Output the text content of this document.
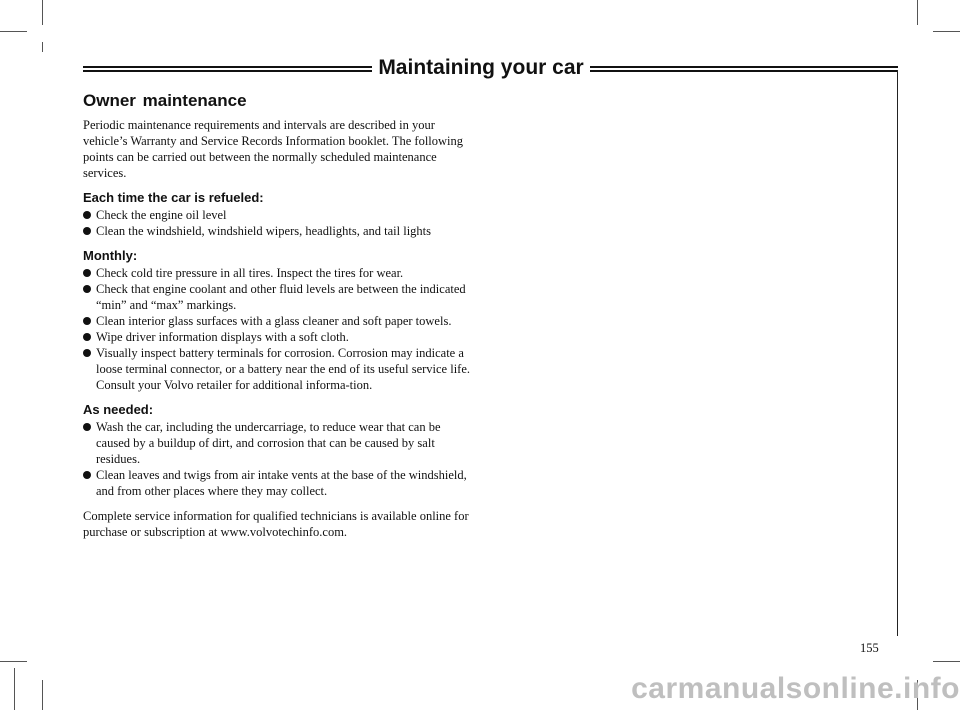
Maintaining your car
Owner maintenance

Periodic maintenance requirements and intervals are described in your vehicle’s Warranty and Service Records Information booklet. The following points can be carried out between the normally scheduled maintenance services.

Each time the car is refueled:
Check the engine oil level
Clean the windshield, windshield wipers, headlights, and tail lights
Monthly:
Check cold tire pressure in all tires. Inspect the tires for wear.
Check that engine coolant and other fluid levels are between the indicated “min” and “max” markings.
Clean interior glass surfaces with a glass cleaner and soft paper towels.
Wipe driver information displays with a soft cloth.
Visually inspect battery terminals for corrosion. Corrosion may indicate a loose terminal connector, or a battery near the end of its useful service life. Consult your Volvo retailer for additional informa-tion.
As needed:
Wash the car, including the undercarriage, to reduce wear that can be caused by a buildup of dirt, and corrosion that can be caused by salt residues.
Clean leaves and twigs from air intake vents at the base of the windshield, and from other places where they may collect.

Complete service information for qualified technicians is available online for purchase or subscription at www.volvotechinfo.com.

155
carmanualsonline.info
